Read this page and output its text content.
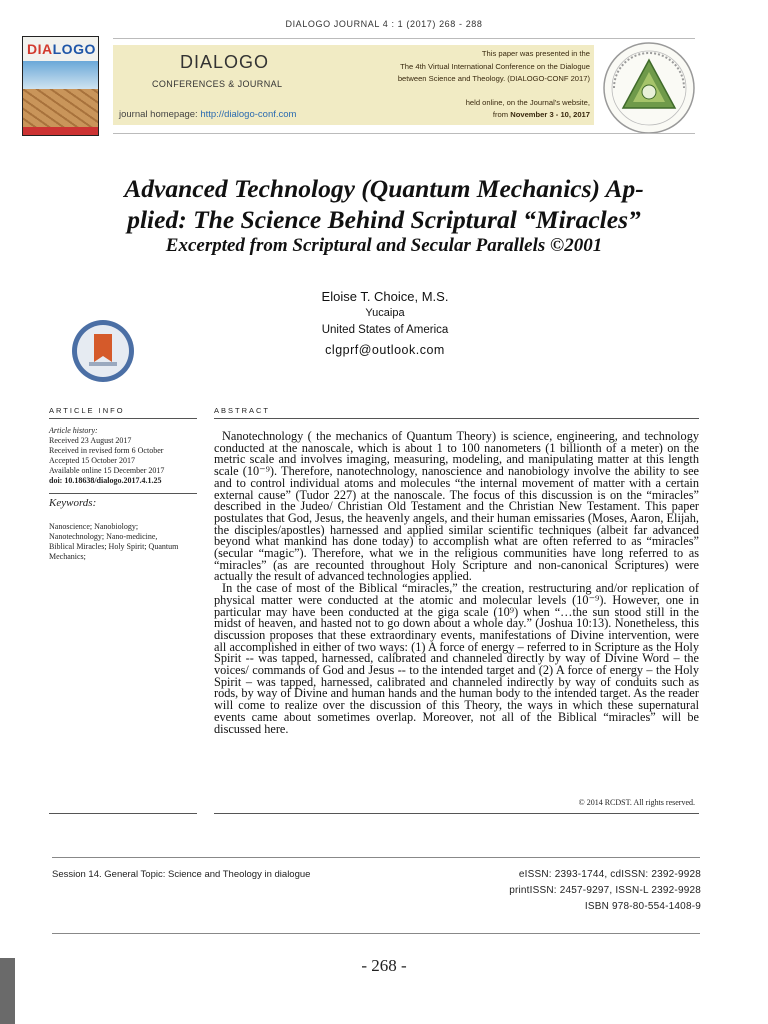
DIALOGO JOURNAL 4 : 1 (2017) 268 - 288
DIALOGO
DIALOGO
CONFERENCES & JOURNAL
journal homepage: http://dialogo-conf.com
This paper was presented in the
The 4th Virtual International Conference on the Dialogue
between Science and Theology. (DIALOGO-CONF 2017)
held online, on the Journal's website,
from November 3 - 10, 2017
Advanced Technology (Quantum Mechanics) Ap-
plied: The Science Behind Scriptural “Miracles”
Excerpted from Scriptural and Secular Parallels ©2001
Eloise T. Choice, M.S.
Yucaipa
United States of America
clgprf@outlook.com
ARTICLE INFO
Article history:
Received 23 August 2017
Received in revised form 6 October
Accepted 15 October 2017
Available online 15 December 2017
doi: 10.18638/dialogo.2017.4.1.25
Keywords:
Nanoscience; Nanobiology;
Nanotechnology; Nano-medicine,
Biblical Miracles; Holy Spirit; Quantum
Mechanics;
ABSTRACT

Nanotechnology ( the mechanics of Quantum Theory) is science, engineering, and technology conducted at the nanoscale, which is about 1 to 100 nanometers (1 billionth of a meter) on the metric scale and involves imaging, measuring, modeling, and manipulating matter at this length scale (10⁻⁹). Therefore, nanotechnology, nanoscience and nanobiology involve the ability to see and to control individual atoms and molecules “the internal movement of matter with a certain external cause” (Tudor 227) at the nanoscale. The focus of this discussion is on the “miracles” described in the Judeo/ Christian Old Testament and the Christian New Testament. This paper postulates that God, Jesus, the heavenly angels, and their human emissaries (Moses, Aaron, Elijah, the disciples/apostles) harnessed and applied similar scientific techniques (albeit far advanced beyond what mankind has done today) to accomplish what are often referred to as “miracles” (secular “magic”). Therefore, what we in the religious communities have long referred to as “miracles” (as are recounted throughout Holy Scripture and non-canonical Scriptures) were actually the result of advanced technologies applied.

In the case of most of the Biblical “miracles,” the creation, restructuring and/or replication of physical matter were conducted at the atomic and molecular levels (10⁻⁹). However, one in particular may have been conducted at the giga scale (10⁹) when “…the sun stood still in the midst of heaven, and hasted not to go down about a whole day.” (Joshua 10:13). Nonetheless, this discussion proposes that these extraordinary events, manifestations of Divine intervention, were all accomplished in either of two ways: (1) A force of energy – referred to in Scripture as the Holy Spirit -- was tapped, harnessed, calibrated and channeled directly by way of Divine Word – the voices/ commands of God and Jesus -- to the intended target and (2) A force of energy – the Holy Spirit – was tapped, harnessed, calibrated and channeled indirectly by way of conduits such as rods, by way of Divine and human hands and the human body to the intended target. As the reader will come to realize over the discussion of this Theory, the ways in which these supernatural events came about sometimes overlap. Moreover, not all of the Biblical “miracles” will be discussed here.

© 2014 RCDST. All rights reserved.
Session 14. General Topic: Science and Theology in dialogue	eISSN: 2393-1744, cdISSN: 2392-9928
printISSN: 2457-9297, ISSN-L 2392-9928
ISBN 978-80-554-1408-9
- 268 -
